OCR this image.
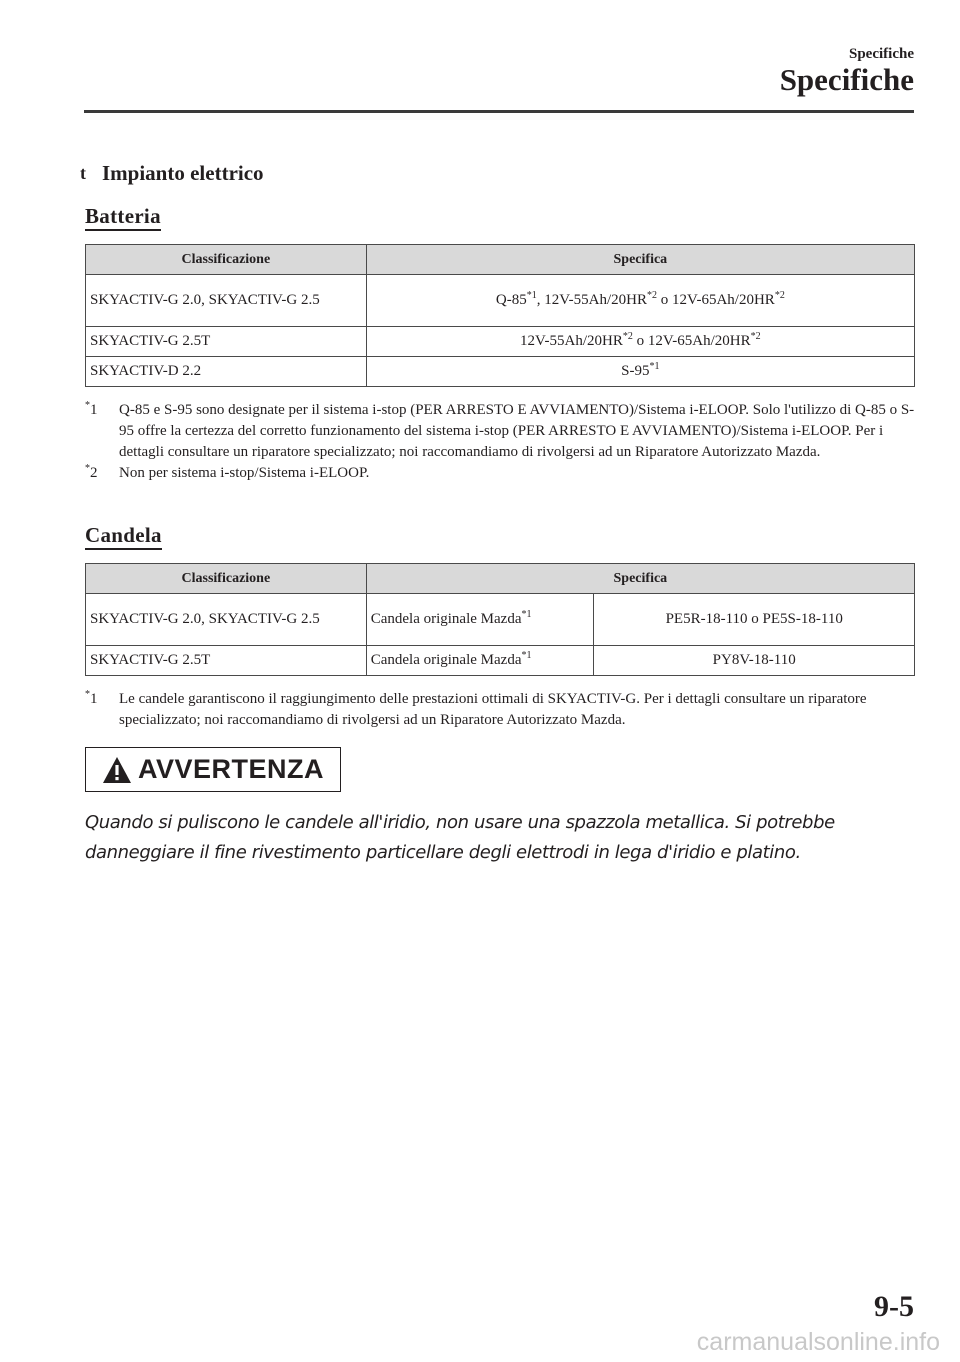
Specifiche
Specifiche
t Impianto elettrico
Batteria
Classificazione	Specifica
SKYACTIV-G 2.0, SKYACTIV-G 2.5	Q-85$^{*1}$, 12V-55Ah/20HR$^{*2}$ o 12V-65Ah/20HR$^{*2}$
SKYACTIV-G 2.5T	12V-55Ah/20HR$^{*2}$ o 12V-65Ah/20HR$^{*2}$
SKYACTIV-D 2.2	S-95$^{*1}$
*1	Q-85 e S-95 sono designate per il sistema i-stop (PER ARRESTO E AVVIAMENTO)/Sistema i-ELOOP. Solo l'utilizzo di Q-85 o S-95 offre la certezza del corretto funzionamento del sistema i-stop (PER ARRESTO E AVVIAMENTO)/Sistema i-ELOOP. Per i dettagli consultare un riparatore specializzato; noi raccomandiamo di rivolgersi ad un Riparatore Autorizzato Mazda.
*2	Non per sistema i-stop/Sistema i-ELOOP.
Candela
Classificazione	Specifica	
SKYACTIV-G 2.0, SKYACTIV-G 2.5	Candela originale Mazda$^{*1}$	PE5R-18-110 o PE5S-18-110
SKYACTIV-G 2.5T	Candela originale Mazda$^{*1}$	PY8V-18-110
*1	Le candele garantiscono il raggiungimento delle prestazioni ottimali di SKYACTIV-G. Per i dettagli consultare un riparatore specializzato; noi raccomandiamo di rivolgersi ad un Riparatore Autorizzato Mazda.
AVVERTENZA
Quando si puliscono le candele all'iridio, non usare una spazzola metallica. Si potrebbe danneggiare il fine rivestimento particellare degli elettrodi in lega d'iridio e platino.
9-5
carmanualsonline.info
